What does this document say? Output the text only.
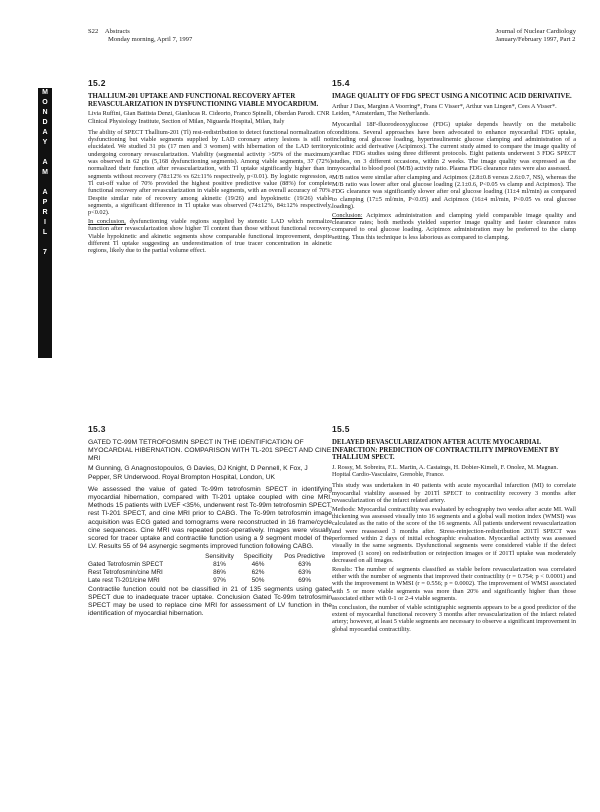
S22 Abstracts
Monday morning, April 7, 1997
Journal of Nuclear Cardiology
January/February 1997, Part 2
M
O
N
D
A
Y

A
M

A
P
R
I
L

7
15.2
THALLIUM-201 UPTAKE AND FUNCTIONAL RECOVERY AFTER REVASCULARIZATION IN DYSFUNCTIONING VIABLE MYOCARDIUM.
Livia Ruffini, Gian Battista Denzi, Gianlucas R. Cideorto, Franco Spinelli, Oberdan Parodi. CNR Clinical Physiology Institute, Section of Milan, Niguarda Hospital, Milan, Italy

The ability of SPECT Thallium-201 (Tl) rest-redistribution to detect functional normalization of dysfunctioning but viable segments supplied by LAD coronary artery lesions is still not elucidated. We studied 31 pts (17 men and 3 women) with hibernation of the LAD territory undergoing coronary revascularization. Viability (segmental activity >50% of the maximum) was observed in 62 pts (5,168 dysfunctioning segments). Among viable segments, 37 (72%) normalized their function after revascularization, with Tl uptake significantly higher than in segments without recovery (78±12% vs 62±11% respectively, p<0.01). By logistic regression, a Tl cut-off value of 70% provided the highest positive predictive value (88%) for complete functional recovery after revascularization in viable segments, with an overall accuracy of 70%. Despite similar rate of recovery among akinetic (19/26) and hypokinetic (19/26) viable segments, a significant difference in Tl uptake was observed (74±12%, 84±12% respectively, p<0.02).

In conclusion, dysfunctioning viable regions supplied by stenotic LAD which normalize function after revascularization show higher Tl content than those without functional recovery. Viable hypokinetic and akinetic segments show comparable functional improvement, despite different Tl uptake suggesting an underestimation of true tracer concentration in akinetic regions, likely due to the partial volume effect.

15.4
IMAGE QUALITY OF FDG SPECT USING A NICOTINIC ACID DERIVATIVE.
Arthur J Dax, Marginn A Voorring*, Frans C Visser*, Arthur van Lingen*, Cees A Visser*. Leiden, *Amsterdam, The Netherlands.

Myocardial 18F-fluorodeoxyglucose (FDG) uptake depends heavily on the metabolic conditions. Several approaches have been advocated to enhance myocardial FDG uptake, including oral glucose loading, hyperinsulinemic glucose clamping and administration of a nicotinic acid derivative (Acipimox). The current study aimed to compare the image quality of cardiac FDG studies using three different protocols. Eight patients underwent 3 FDG SPECT studies, on 3 different occasions, within 2 weeks. The image quality was expressed as the myocardial to blood pool (M/B) activity ratio. Plasma FDG clearance rates were also assessed.

M/B ratios were similar after clamping and Acipimox (2.8±0.8 versus 2.6±0.7, NS), whereas the M/B ratio was lower after oral glucose loading (2.1±0.6, P<0.05 vs clamp and Acipimox). The FDG clearance was significantly slower after oral glucose loading (11±4 ml/min) as compared to clamping (17±5 ml/min, P<0.05) and Acipimox (16±4 ml/min, P<0.05 vs oral glucose loading).

Conclusion: Acipimox administration and clamping yield comparable image quality and clearance rates; both methods yielded superior image quality and faster clearance rates compared to oral glucose loading. Acipimox administration may be preferred to the clamp setting. Thus this technique is less laborious as compared to clamping.

15.3
GATED TC-99M TETROFOSMIN SPECT IN THE IDENTIFICATION OF MYOCARDIAL HIBERNATION. COMPARISON WITH TL-201 SPECT AND CINE MRI
M Gunning, G Anagnostopoulos, G Davies, DJ Knight, D Pennell, K Fox, J Pepper, SR Underwood. Royal Brompton Hospital, London, UK

We assessed the value of gated Tc-99m tetrofosmin SPECT in identifying myocardial hibernation, compared with Tl-201 uptake coupled with cine MRI. Methods 15 patients with LVEF <35%, underwent rest Tc-99m tetrofosmin SPECT, rest Tl-201 SPECT, and cine MRI prior to CABG. The Tc-99m tetrofosmin image acquisition was ECG gated and tomograms were reconstructed in 16 frame/cycle cine sequences. Cine MRI was repeated post-operatively. Images were visually scored for tracer uptake and contractile function using a 9 segment model of the LV. Results 55 of 94 asynergic segments improved function following CABG.

	Sensitivity	Specificity	Pos Predictive
Gated Tetrofosmin SPECT	81%	46%	63%
Rest Tetrofosmin/cine MRI	86%	62%	63%
Late rest Tl-201/cine MRI	97%	50%	69%

Contractile function could not be classified in 21 of 135 segments using gated SPECT due to inadequate tracer uptake. Conclusion Gated Tc-99m tetrofosmin SPECT may be used to replace cine MRI for assessment of LV function in the identification of myocardial hibernation.

15.5
DELAYED REVASCULARIZATION AFTER ACUTE MYOCARDIAL INFARCTION: PREDICTION OF CONTRACTILITY IMPROVEMENT BY THALLIUM SPECT.
J. Rossy, M. Sobreira, F.L. Martin, A. Castaings, H. Dobier-Kimeli, F. Onolez, M. Magnan. Hopital Cardio-Vasculaire, Grenoble, France.

This study was undertaken in 40 patients with acute myocardial infarction (MI) to correlate myocardial viability assessed by 201Tl SPECT to contractility recovery 3 months after revascularization of the infarct related artery.

Methods: Myocardial contractility was evaluated by echography two weeks after acute MI. Wall thickening was assessed visually into 16 segments and a global wall motion index (WMSI) was calculated as the ratio of the score of the 16 segments. All patients underwent revascularization and were reassessed 3 months after. Stress-reinjection-redistribution 201Tl SPECT was performed within 2 days of initial echographic evaluation. Myocardial activity was assessed visually in the same segments. Dysfunctional segments were considered viable if the defect improved (1 score) on redistribution or reinjection images or if 201Tl uptake was moderately decreased on all images.

Results: The number of segments classified as viable before revascularization was correlated either with the number of segments that improved their contractility (r = 0.754; p < 0.0001) and with the improvement in WMSI (r = 0.556; p = 0.0002). The improvement of WMSI associated with 5 or more viable segments was more than 20% and significantly higher than those associated either with 0-1 or 2-4 viable segments.

In conclusion, the number of viable scintigraphic segments appears to be a good predictor of the extent of myocardial functional recovery 3 months after revascularization of the infarct related artery; however, at least 5 viable segments are necessary to observe a significant improvement in global myocardial contractility.
